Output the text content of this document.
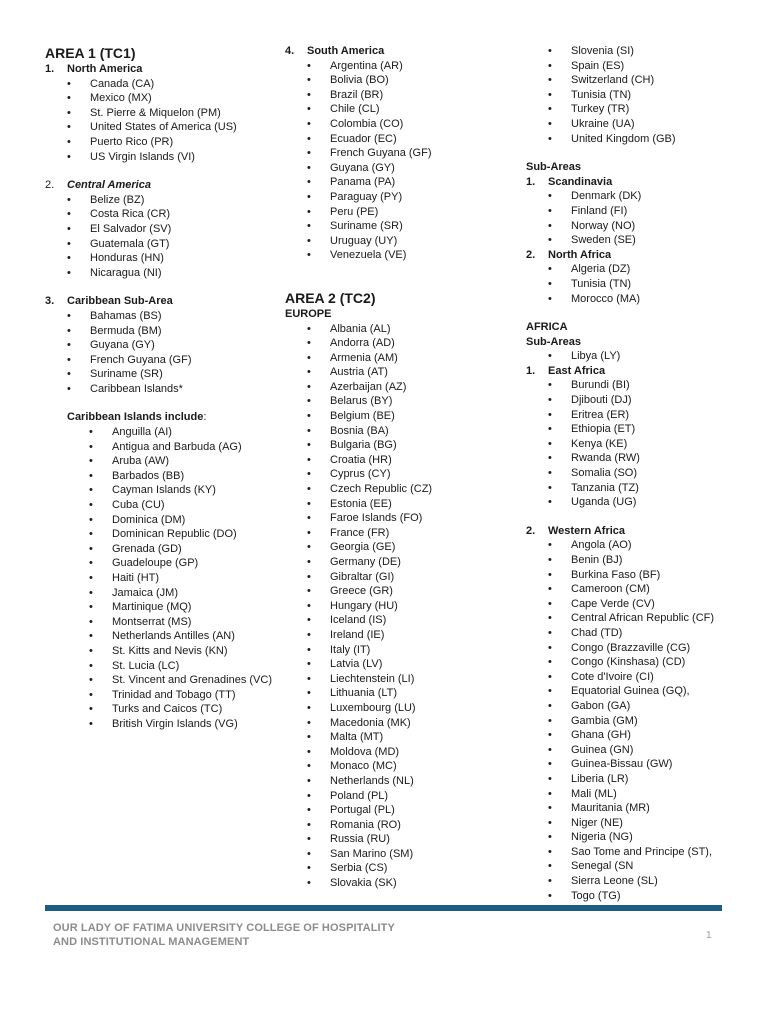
AREA 1 (TC1)
1. North America
• Canada (CA)
• Mexico (MX)
• St. Pierre & Miquelon (PM)
• United States of America (US)
• Puerto Rico (PR)
• US Virgin Islands (VI)
2. Central America
• Belize (BZ)
• Costa Rica (CR)
• El Salvador (SV)
• Guatemala (GT)
• Honduras (HN)
• Nicaragua (NI)
3. Caribbean Sub-Area
• Bahamas (BS)
• Bermuda (BM)
• Guyana (GY)
• French Guyana (GF)
• Suriname (SR)
• Caribbean Islands*
Caribbean Islands include:
• Anguilla (AI)
• Antigua and Barbuda (AG)
• Aruba (AW)
• Barbados (BB)
• Cayman Islands (KY)
• Cuba (CU)
• Dominica (DM)
• Dominican Republic (DO)
• Grenada (GD)
• Guadeloupe (GP)
• Haiti (HT)
• Jamaica (JM)
• Martinique (MQ)
• Montserrat (MS)
• Netherlands Antilles (AN)
• St. Kitts and Nevis (KN)
• St. Lucia (LC)
• St. Vincent and Grenadines (VC)
• Trinidad and Tobago (TT)
• Turks and Caicos (TC)
• British Virgin Islands (VG)
4. South America
• Argentina (AR)
• Bolivia (BO)
• Brazil (BR)
• Chile (CL)
• Colombia (CO)
• Ecuador (EC)
• French Guyana (GF)
• Guyana (GY)
• Panama (PA)
• Paraguay (PY)
• Peru (PE)
• Suriname (SR)
• Uruguay (UY)
• Venezuela (VE)
AREA 2 (TC2)
EUROPE
• Albania (AL)
• Andorra (AD)
• Armenia (AM)
• Austria (AT)
• Azerbaijan (AZ)
• Belarus (BY)
• Belgium (BE)
• Bosnia (BA)
• Bulgaria (BG)
• Croatia (HR)
• Cyprus (CY)
• Czech Republic (CZ)
• Estonia (EE)
• Faroe Islands (FO)
• France (FR)
• Georgia (GE)
• Germany (DE)
• Gibraltar (GI)
• Greece (GR)
• Hungary (HU)
• Iceland (IS)
• Ireland (IE)
• Italy (IT)
• Latvia (LV)
• Liechtenstein (LI)
• Lithuania (LT)
• Luxembourg (LU)
• Macedonia (MK)
• Malta (MT)
• Moldova (MD)
• Monaco (MC)
• Netherlands (NL)
• Poland (PL)
• Portugal (PL)
• Romania (RO)
• Russia (RU)
• San Marino (SM)
• Serbia (CS)
• Slovakia (SK)
• Slovenia (SI)
• Spain (ES)
• Switzerland (CH)
• Tunisia (TN)
• Turkey (TR)
• Ukraine (UA)
• United Kingdom (GB)
Sub-Areas
1. Scandinavia
• Denmark (DK)
• Finland (FI)
• Norway (NO)
• Sweden (SE)
2. North Africa
• Algeria (DZ)
• Tunisia (TN)
• Morocco (MA)
AFRICA
Sub-Areas
• Libya (LY)
1. East Africa
• Burundi (BI)
• Djibouti (DJ)
• Eritrea (ER)
• Ethiopia (ET)
• Kenya (KE)
• Rwanda (RW)
• Somalia (SO)
• Tanzania (TZ)
• Uganda (UG)
2. Western Africa
• Angola (AO)
• Benin (BJ)
• Burkina Faso (BF)
• Cameroon (CM)
• Cape Verde (CV)
• Central African Republic (CF)
• Chad (TD)
• Congo (Brazzaville (CG)
• Congo (Kinshasa) (CD)
• Cote d'Ivoire (CI)
• Equatorial Guinea (GQ),
• Gabon (GA)
• Gambia (GM)
• Ghana (GH)
• Guinea (GN)
• Guinea-Bissau (GW)
• Liberia (LR)
• Mali (ML)
• Mauritania (MR)
• Niger (NE)
• Nigeria (NG)
• Sao Tome and Principe (ST),
• Senegal (SN
• Sierra Leone (SL)
• Togo (TG)
OUR LADY OF FATIMA UNIVERSITY COLLEGE OF HOSPITALITY
AND INSTITUTIONAL MANAGEMENT
1
